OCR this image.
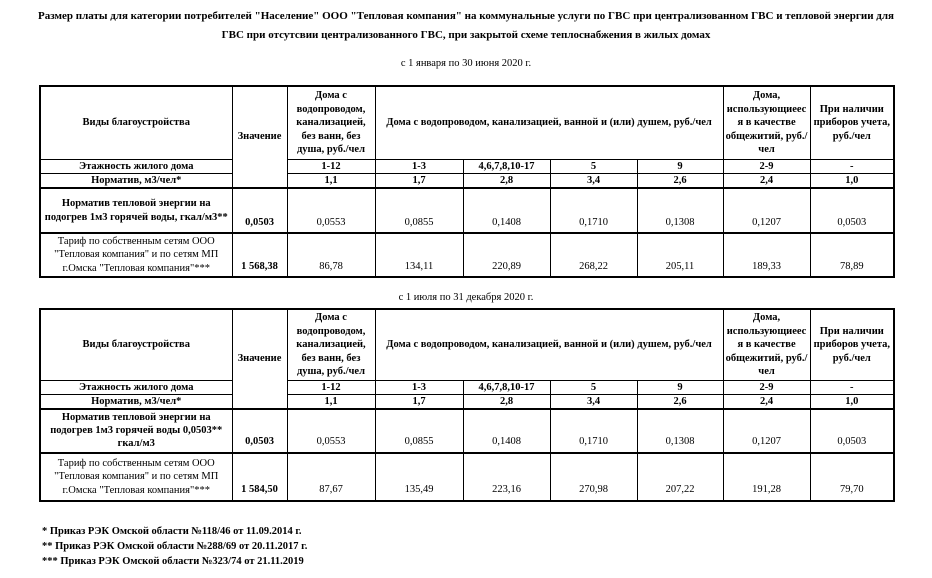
Размер платы для категории потребителей "Население" ООО "Тепловая компания" на коммунальные услуги по ГВС при централизованном ГВС и тепловой энергии для ГВС при отсутсвии централизованного ГВС, при закрытой схеме теплоснабжения в жилых домах
с 1 января по 30 июня 2020 г.
Виды благоустройства	Значение	Дома с водопроводом, канализацией, без ванн, без душа, руб./чел	Дома с водопроводом, канализацией, ванной и (или) душем, руб./чел				Дома, использующиееся в качестве общежитий, руб./чел	При наличии приборов учета, руб./чел
Этажность жилого дома		1-12	1-3	4,6,7,8,10-17	5	9	2-9	-
Норматив, м3/чел*		1,1	1,7	2,8	3,4	2,6	2,4	1,0
Норматив тепловой энергии на подогрев 1м3 горячей воды, гкал/м3**	0,0503	0,0553	0,0855	0,1408	0,1710	0,1308	0,1207	0,0503
Тариф по собственным сетям ООО "Тепловая компания" и по сетям МП г.Омска "Тепловая компания"***	1 568,38	86,78	134,11	220,89	268,22	205,11	189,33	78,89
с 1 июля по 31 декабря 2020 г.
Виды благоустройства	Значение	Дома с водопроводом, канализацией, без ванн, без душа, руб./чел	Дома с водопроводом, канализацией, ванной и (или) душем, руб./чел				Дома, использующиееся в качестве общежитий, руб./чел	При наличии приборов учета, руб./чел
Этажность жилого дома		1-12	1-3	4,6,7,8,10-17	5	9	2-9	-
Норматив, м3/чел*		1,1	1,7	2,8	3,4	2,6	2,4	1,0
Норматив тепловой энергии на подогрев 1м3 горячей воды 0,0503** гкал/м3	0,0503	0,0553	0,0855	0,1408	0,1710	0,1308	0,1207	0,0503
Тариф по собственным сетям ООО "Тепловая компания" и по сетям МП г.Омска "Тепловая компания"***	1 584,50	87,67	135,49	223,16	270,98	207,22	191,28	79,70
* Приказ РЭК Омской области №118/46 от 11.09.2014 г.
** Приказ РЭК Омской области №288/69 от 20.11.2017 г.
*** Приказ РЭК Омской области №323/74 от 21.11.2019
